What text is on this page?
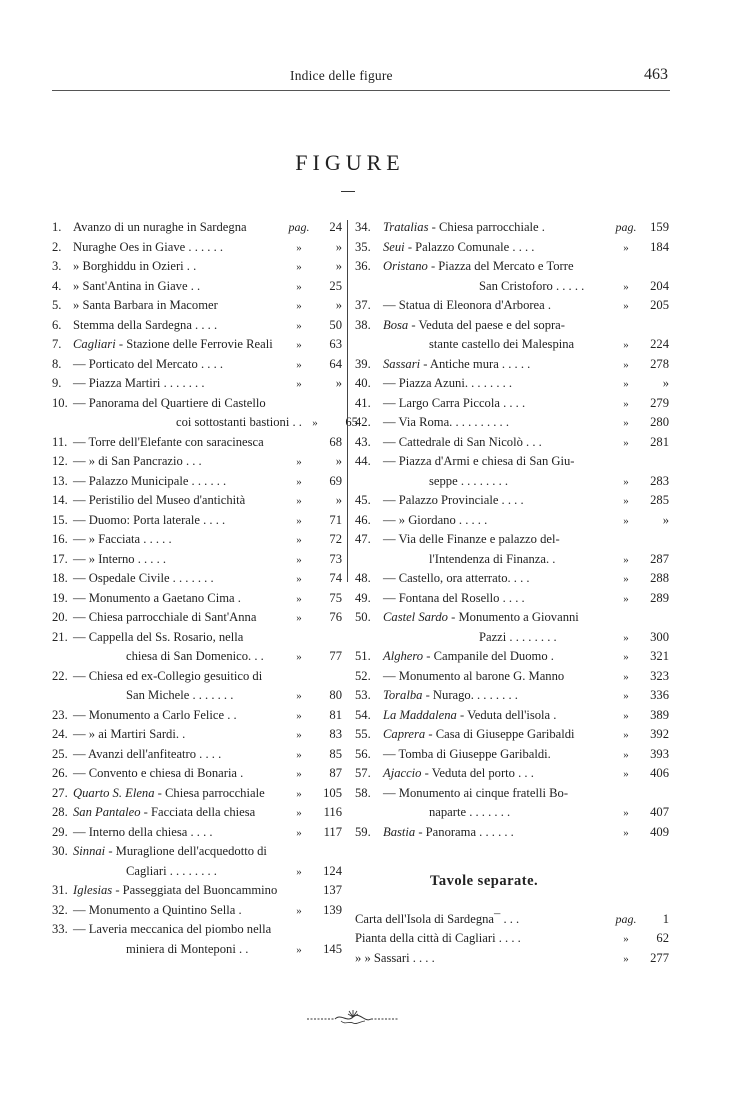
Indice delle figure	463
FIGURE
1. Avanzo di un nuraghe in Sardegna	pag.	24
2. Nuraghe Oes in Giave . . . . . .	»	»
3. » Borghiddu in Ozieri . .	»	»
4. » Sant'Antina in Giave . .	»	25
5. » Santa Barbara in Macomer	»	»
6. Stemma della Sardegna . . . .	»	50
7. Cagliari - Stazione delle Ferrovie Reali	»	63
8. — Porticato del Mercato . . . .	»	64
9. — Piazza Martiri . . . . . . .	»	»
10. — Panorama del Quartiere di Castello
coi sottostanti bastioni . . »	65
11. — Torre dell'Elefante con saracinesca	68
12. — » di San Pancrazio . . .	»	»
13. — Palazzo Municipale . . . . . .	»	69
14. — Peristilio del Museo d'antichità	»	»
15. — Duomo: Porta laterale . . . .	»	71
16. — » Facciata . . . . .	»	72
17. — » Interno . . . . .	»	73
18. — Ospedale Civile . . . . . . .	»	74
19. — Monumento a Gaetano Cima .	»	75
20. — Chiesa parrocchiale di Sant'Anna	»	76
21. — Cappella del Ss. Rosario, nella
chiesa di San Domenico. . .	»	77
22. — Chiesa ed ex-Collegio gesuitico di
San Michele . . . . . . .	»	80
23. — Monumento a Carlo Felice . .	»	81
24. — » ai Martiri Sardi. .	»	83
25. — Avanzi dell'anfiteatro . . . .	»	85
26. — Convento e chiesa di Bonaria .	»	87
27. Quarto S. Elena - Chiesa parrocchiale	»	105
28. San Pantaleo - Facciata della chiesa	»	116
29. — Interno della chiesa . . . .	»	117
30. Sinnai - Muraglione dell'acquedotto di
Cagliari . . . . . . . .	»	124
31. Iglesias - Passeggiata del Buoncammino	137
32. — Monumento a Quintino Sella .	»	139
33. — Laveria meccanica del piombo nella
miniera di Monteponi . .	»	145
34. Tratalias - Chiesa parrocchiale .	pag.	159
35. Seui - Palazzo Comunale . . . .	»	184
36. Oristano - Piazza del Mercato e Torre
San Cristoforo . . . . .	»	204
37. — Statua di Eleonora d'Arborea .	»	205
38. Bosa - Veduta del paese e del sopra-
stante castello dei Malespina	»	224
39. Sassari - Antiche mura . . . . .	»	278
40. — Piazza Azuni. . . . . . . .	»	»
41. — Largo Carra Piccola . . . .	»	279
42. — Via Roma. . . . . . . . . .	»	280
43. — Cattedrale di San Nicolò . . .	»	281
44. — Piazza d'Armi e chiesa di San Giu-
seppe . . . . . . . .	»	283
45. — Palazzo Provinciale . . . .	»	285
46. — » Giordano . . . . .	»	»
47. — Via delle Finanze e palazzo del-
l'Intendenza di Finanza. .	»	287
48. — Castello, ora atterrato. . . .	»	288
49. — Fontana del Rosello . . . .	»	289
50. Castel Sardo - Monumento a Giovanni
Pazzi . . . . . . . .	»	300
51. Alghero - Campanile del Duomo .	»	321
52. — Monumento al barone G. Manno	»	323
53. Toralba - Nurago. . . . . . . .	»	336
54. La Maddalena - Veduta dell'isola .	»	389
55. Caprera - Casa di Giuseppe Garibaldi	»	392
56. — Tomba di Giuseppe Garibaldi.	»	393
57. Ajaccio - Veduta del porto . . .	»	406
58. — Monumento ai cinque fratelli Bo-
naparte . . . . . . .	»	407
59. Bastia - Panorama . . . . . .	»	409
Tavole separate.
Carta dell'Isola di Sardegna¯ . . .	pag.	1
Pianta della città di Cagliari . . . .	»	62
» » Sassari . . . .	»	277
